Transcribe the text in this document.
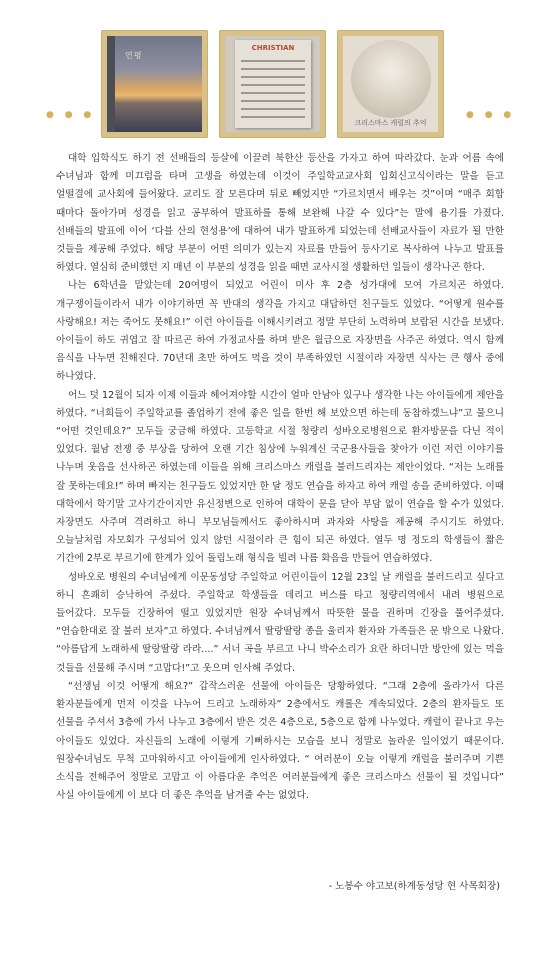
● ● ●
연평
CHRISTIAN
크리스마스 캐럴의 추억
● ● ●

대학 입학식도 하기 전 선배들의 등살에 이끌려 북한산 등산을 가자고 하여 따라갔다. 눈과 어름 속에 수녀님과 함께 미끄럼을 타며 고생을 하였는데 이것이 주일학교교사회 입회신고식이라는 말을 듣고 얼떨결에 교사회에 들어왔다. 교리도 잘 모른다며 뒤로 빼었지만 “가르치면서 배우는 것”이며 “매주 회합 때마다 돌아가며 성경을 읽고 공부하여 발표하를 통해 보완해 나갈 수 있다”는 말에 용기를 가졌다. 선배들의 발표에 이어 ‘다블 산의 현성용’에 대하여 내가 발표하게 되었는데 선배교사들이 자료가 될 만한 것들을 제공해 주었다. 해당 부분이 어떤 의미가 있는지 자료를 만들어 등사기로 복사하여 나누고 발표를 하였다. 열심히 준비했던 지 매년 이 부분의 성경을 읽을 때면 교사시절 생활하던 일들이 생각나곤 한다.

나는 6학년을 맡았는데 20여명이 되었고 어린이 미사 후 2층 성가대에 모여 가르치곤 하였다. 개구쟁이들이라서 내가 이야기하면 꼭 반대의 생각을 가지고 대답하던 친구들도 있었다. “어떻게 원수를 사랑해요! 저는 죽어도 못해요!” 이런 아이들을 이해시키려고 정말 부단히 노력하며 보람된 시간을 보냈다. 아이들이 하도 귀엽고 잘 따르곤 하여 가정교사를 하며 받은 월급으로 자장면을 사주곤 하였다. 역시 함께 음식을 나누면 친해진다. 70년대 초만 하여도 먹을 것이 부족하였던 시절이라 자장면 식사는 큰 행사 중에 하나였다.

어느 덧 12월이 되자 이제 이들과 헤어져야할 시간이 얼마 안남아 있구나 생각한 나는 아이들에게 제안을 하였다. “너희들이 주일학교를 졸업하기 전에 좋은 일을 한번 해 보았으면 하는데 동참하겠느냐”고 물으니 “어떤 것인데요?” 모두들 궁금해 하였다. 고등학교 시절 청량리 성바오로병원으로 환자방문을 다닌 적이 있었다. 월남 전쟁 중 부상을 당하여 오랜 기간 침상에 누워계신 국군용사들을 찾아가 이런 저런 이야기를 나누며 웃음을 선사하곤 하였는데 이들을 위해 크리스마스 캐럴을 불러드리자는 제안이었다. “저는 노래를 잘 못하는데요!” 하며 빠지는 친구들도 있었지만 한 달 정도 연습을 하자고 하여 캐럴 송을 준비하였다. 이때 대학에서 학기말 고사기간이지만 유신정변으로 인하여 대학이 문을 닫아 부담 없이 연습을 할 수가 있었다. 자장면도 사주며 격려하고 하니 부모님들께서도 좋아하시며 과자와 사탕을 제공해 주시기도 하였다. 오늘날처럼 자모회가 구성되어 있지 않던 시절이라 큰 힘이 되곤 하였다. 열두 명 정도의 학생들이 짧은 기간에 2부로 부르기에 한계가 있어 돌림노래 형식을 빌려 나름 화음을 만들어 연습하였다.

성바오로 병원의 수녀님에게 이문동성당 주일학교 어린이들이 12월 23일 날 캐럴을 불러드리고 싶다고 하니 흔쾌히 승낙하여 주셨다. 주일학교 학생들을 데리고 버스를 타고 청량리역에서 내려 병원으로 들어갔다. 모두들 긴장하여 떨고 있었지만 원장 수녀님께서 따뜻한 물을 권하며 긴장을 풀어주셨다. “연습한대로 잘 불러 보자”고 하였다. 수녀님께서 딸랑딸랑 종을 울리자 환자와 가족들은 문 밖으로 나왔다. “아름답게 노래하세 딸랑딸랑 라라....” 서너 곡을 부르고 나니 박수소리가 요란 하더니만 방안에 있는 먹을 것들을 선물해 주시며 “고맙다!”고 웃으며 인사해 주었다.

“선생님 이것 어떻게 해요?” 갑작스러운 선물에 아이들은 당황하였다. “그래 2층에 올라가서 다른 환자분들에게 먼저 이것을 나누어 드리고 노래하자” 2층에서도 캐롤은 계속되었다. 2층의 환자들도 또 선물을 주셔서 3층에 가서 나누고 3층에서 받은 것은 4층으로, 5층으로 함께 나누었다. 캐럴이 끝나고 우는 아이들도 있었다. 자신들의 노래에 이렇게 기뻐하시는 모습을 보니 정말로 놀라운 일이었기 때문이다. 원장수녀님도 무척 고마워하시고 아이들에게 인사하였다. “ 여러분이 오늘 이렇게 캐럴을 불러주며 기쁜 소식을 전해주어 정말로 고맙고 이 아름다운 추억은 여러분들에게 좋은 크리스마스 선물이 될 것입니다” 사실 아이들에게 이 보다 더 좋은 추억을 남겨줄 수는 없었다.

- 노봉수 야고보(하계동성당 현 사목회장)
